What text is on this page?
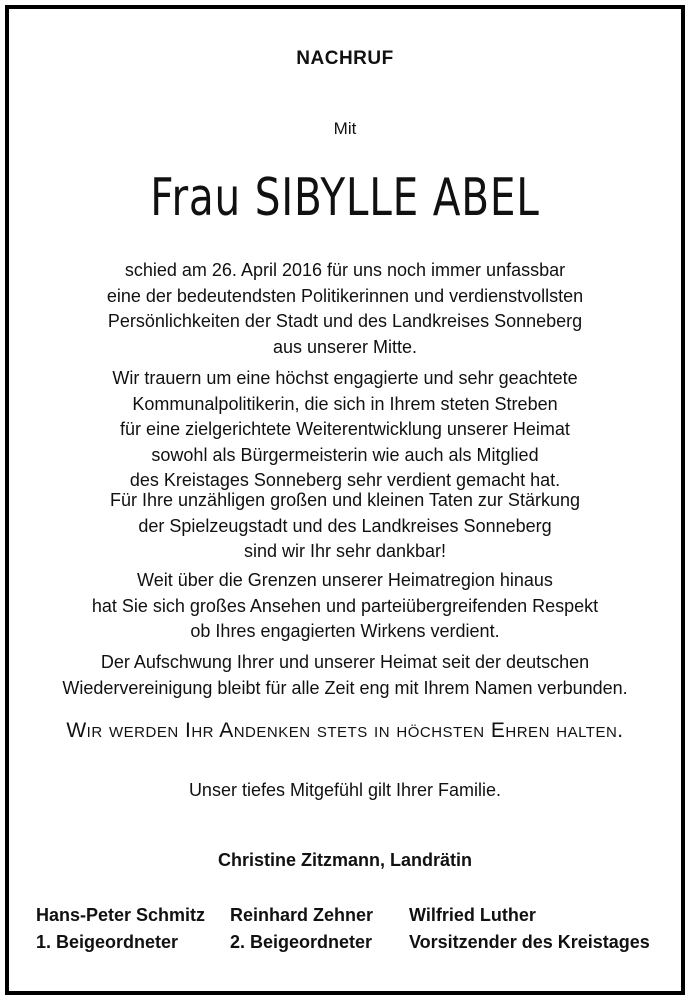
NACHRUF
Mit
Frau SIBYLLE ABEL
schied am 26. April 2016 für uns noch immer unfassbar
eine der bedeutendsten Politikerinnen und verdienstvollsten
Persönlichkeiten der Stadt und des Landkreises Sonneberg
aus unserer Mitte.
Wir trauern um eine höchst engagierte und sehr geachtete
Kommunalpolitikerin, die sich in Ihrem steten Streben
für eine zielgerichtete Weiterentwicklung unserer Heimat
sowohl als Bürgermeisterin wie auch als Mitglied
des Kreistages Sonneberg sehr verdient gemacht hat.
Für Ihre unzähligen großen und kleinen Taten zur Stärkung
der Spielzeugstadt und des Landkreises Sonneberg
sind wir Ihr sehr dankbar!
Weit über die Grenzen unserer Heimatregion hinaus
hat Sie sich großes Ansehen und parteiübergreifenden Respekt
ob Ihres engagierten Wirkens verdient.
Der Aufschwung Ihrer und unserer Heimat seit der deutschen
Wiedervereinigung bleibt für alle Zeit eng mit Ihrem Namen verbunden.
Wir werden Ihr Andenken stets in höchsten Ehren halten.
Unser tiefes Mitgefühl gilt Ihrer Familie.
Christine Zitzmann, Landrätin
Hans-Peter Schmitz
1. Beigeordneter
Reinhard Zehner
2. Beigeordneter
Wilfried Luther
Vorsitzender des Kreistages
